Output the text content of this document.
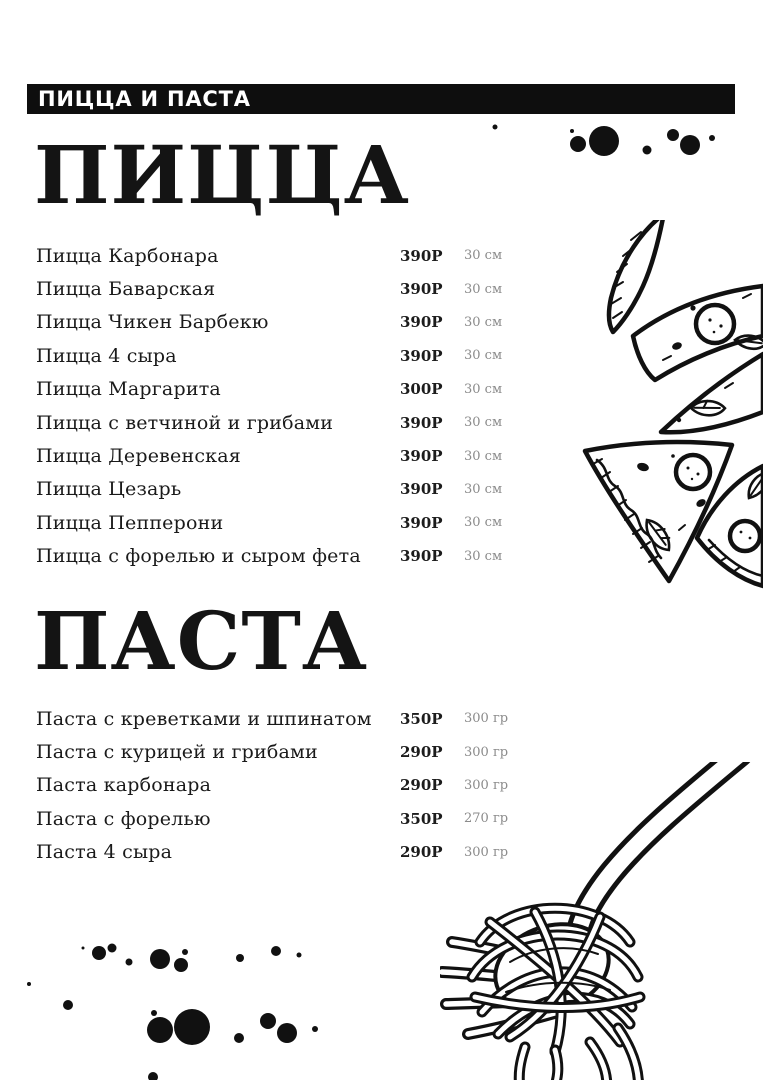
ПИЦЦА И ПАСТА
ПИЦЦА
Пицца Карбонара	390Р	30 см
Пицца Баварская	390Р	30 см
Пицца Чикен Барбекю	390Р	30 см
Пицца 4 сыра	390Р	30 см
Пицца Маргарита	300Р	30 см
Пицца с ветчиной и грибами	390Р	30 см
Пицца Деревенская	390Р	30 см
Пицца Цезарь	390Р	30 см
Пицца Пепперони	390Р	30 см
Пицца с форелью и сыром фета	390Р	30 см
ПАСТА
Паста с креветками и шпинатом	350Р	300 гр
Паста с курицей и грибами	290Р	300 гр
Паста карбонара	290Р	300 гр
Паста с форелью	350Р	270 гр
Паста 4 сыра	290Р	300 гр
